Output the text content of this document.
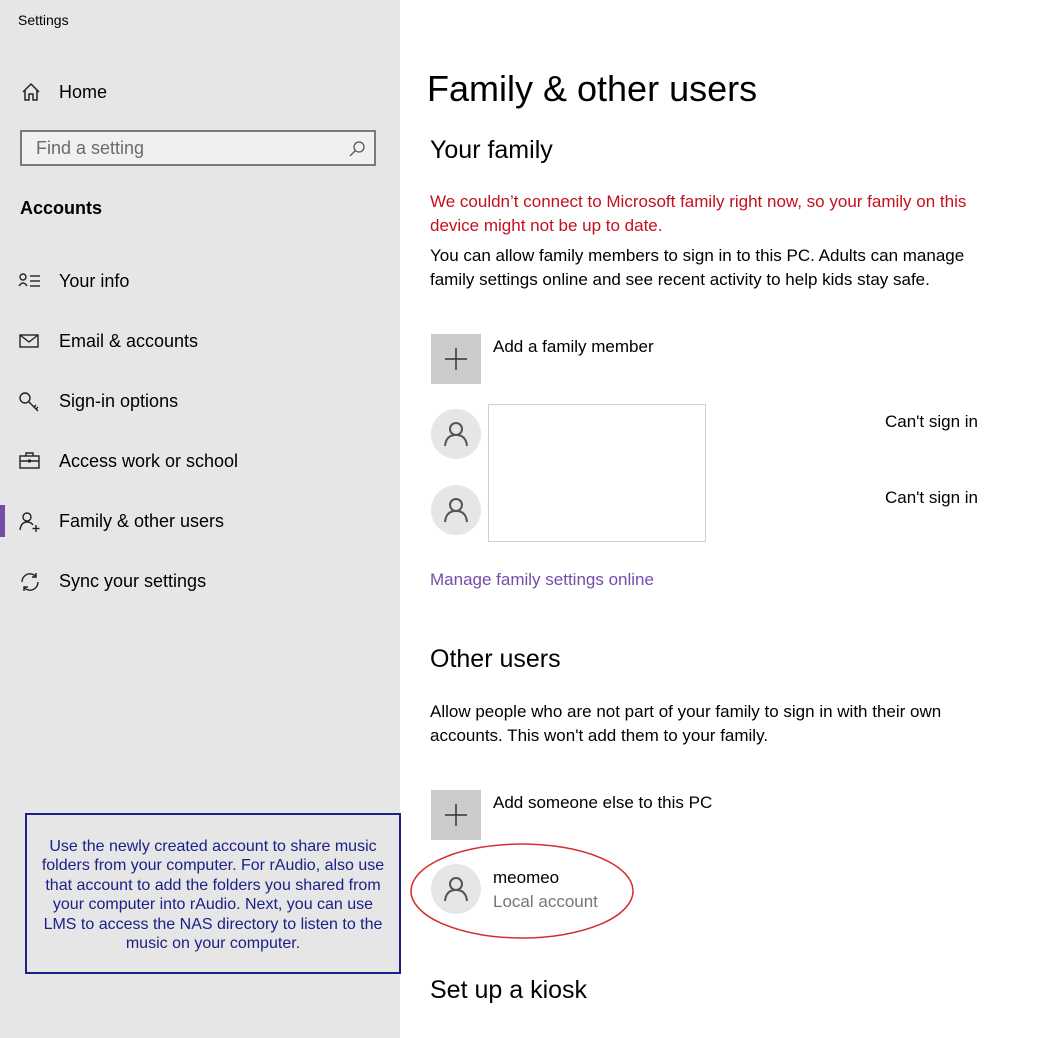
Settings
Home
Find a setting
Accounts
Your info
Email & accounts
Sign-in options
Access work or school
Family & other users
Sync your settings
Use the newly created account to share music folders from your computer. For rAudio, also use that account to add the folders you shared from your computer into rAudio. Next, you can use LMS to access the NAS directory to listen to the music on your computer.
Family & other users
Your family
We couldn’t connect to Microsoft family right now, so your family on this device might not be up to date.
You can allow family members to sign in to this PC. Adults can manage family settings online and see recent activity to help kids stay safe.
Add a family member
Can't sign in
Can't sign in
Manage family settings online
Other users
Allow people who are not part of your family to sign in with their own accounts. This won't add them to your family.
Add someone else to this PC
meomeo
Local account
Set up a kiosk
